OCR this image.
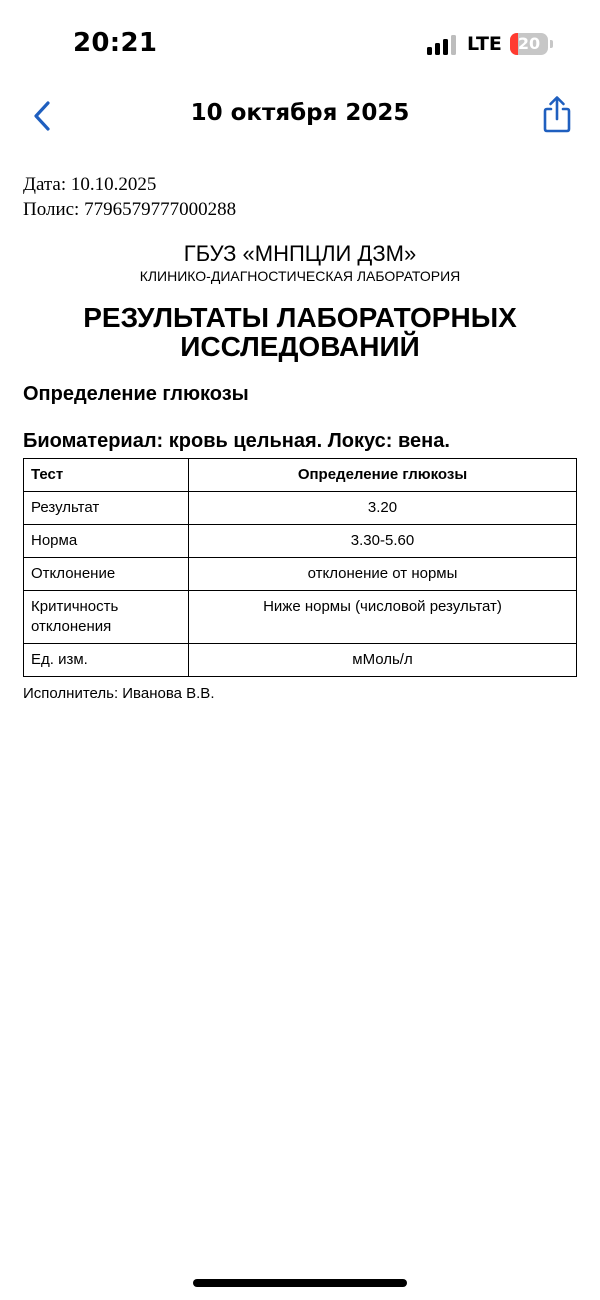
20:21	LTE 20
10 октября 2025
Дата: 10.10.2025
Полис: 7796579777000288
ГБУЗ «МНПЦЛИ ДЗМ»
КЛИНИКО-ДИАГНОСТИЧЕСКАЯ ЛАБОРАТОРИЯ
РЕЗУЛЬТАТЫ ЛАБОРАТОРНЫХ ИССЛЕДОВАНИЙ
Определение глюкозы
Биоматериал: кровь цельная. Локус: вена.
Тест	Определение глюкозы
Результат	3.20
Норма	3.30-5.60
Отклонение	отклонение от нормы
Критичность отклонения	Ниже нормы (числовой результат)
Ед. изм.	мМоль/л
Исполнитель: Иванова В.В.
